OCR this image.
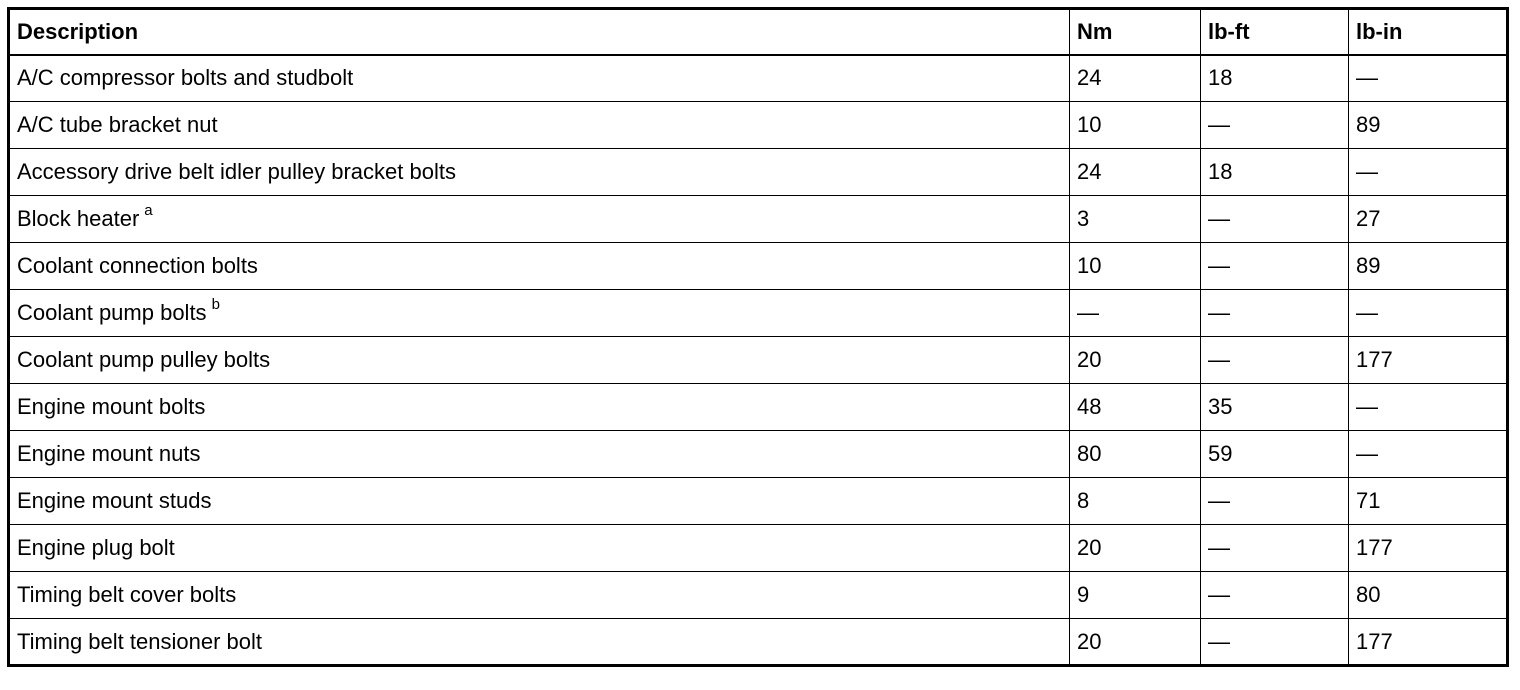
Description	Nm	lb-ft	lb-in
A/C compressor bolts and studbolt	24	18	—
A/C tube bracket nut	10	—	89
Accessory drive belt idler pulley bracket bolts	24	18	—
Block heater $^a$	3	—	27
Coolant connection bolts	10	—	89
Coolant pump bolts $^b$	—	—	—
Coolant pump pulley bolts	20	—	177
Engine mount bolts	48	35	—
Engine mount nuts	80	59	—
Engine mount studs	8	—	71
Engine plug bolt	20	—	177
Timing belt cover bolts	9	—	80
Timing belt tensioner bolt	20	—	177
